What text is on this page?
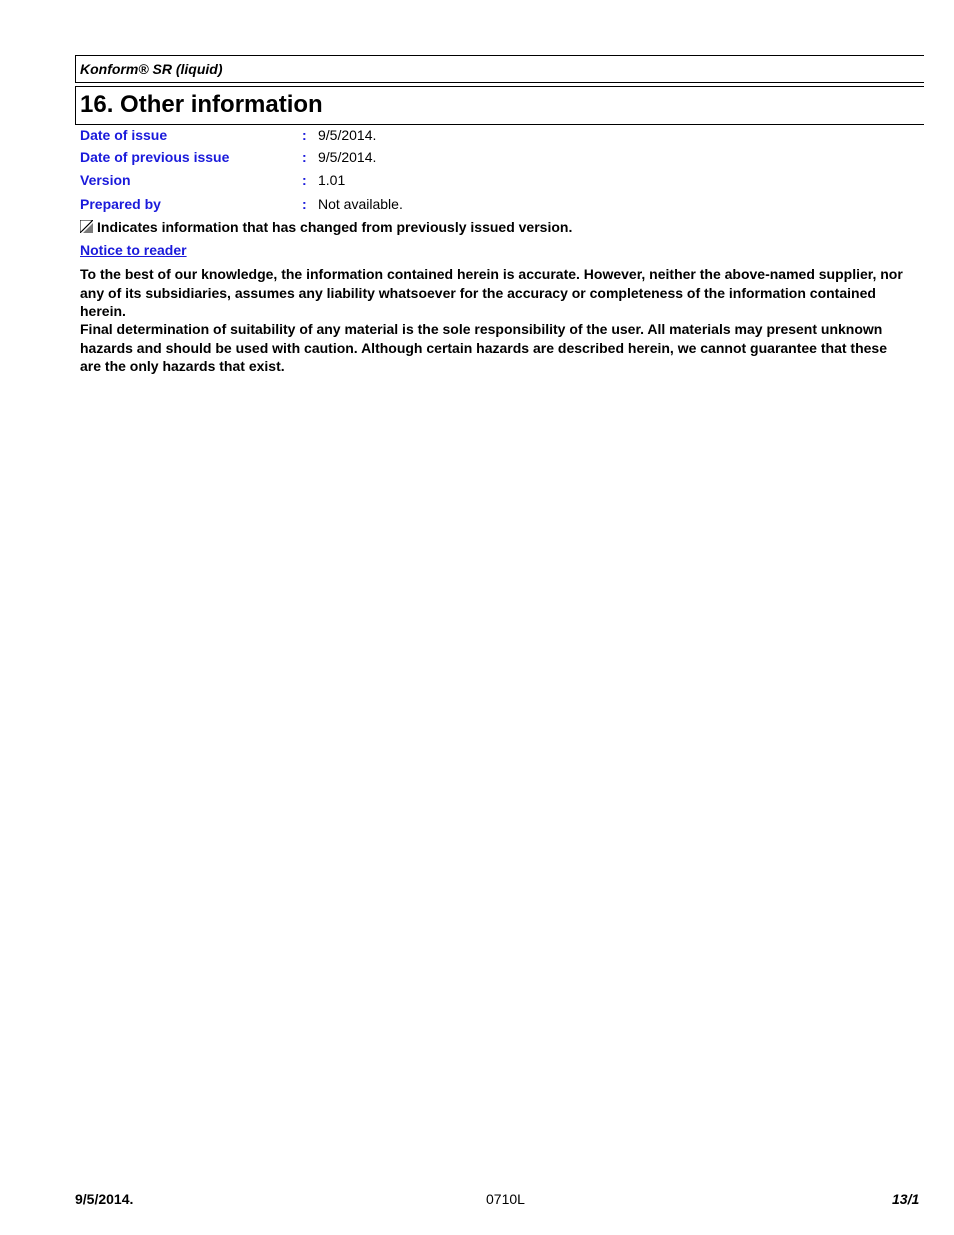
Konform® SR (liquid)
16. Other information
Date of issue	: 9/5/2014.
Date of previous issue	: 9/5/2014.
Version	: 1.01
Prepared by	: Not available.
Indicates information that has changed from previously issued version.
Notice to reader
To the best of our knowledge, the information contained herein is accurate. However, neither the above-named supplier, nor any of its subsidiaries, assumes any liability whatsoever for the accuracy or completeness of the information contained herein.
Final determination of suitability of any material is the sole responsibility of the user. All materials may present unknown hazards and should be used with caution. Although certain hazards are described herein, we cannot guarantee that these are the only hazards that exist.
9/5/2014.	0710L	13/1
